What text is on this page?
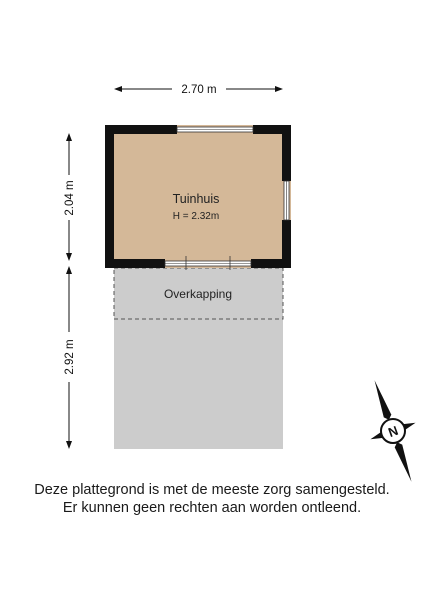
Tuinhuis
H = 2.32m
Overkapping
2.70 m
2.04 m
2.92 m
N
Deze plattegrond is met de meeste zorg samengesteld.
Er kunnen geen rechten aan worden ontleend.
